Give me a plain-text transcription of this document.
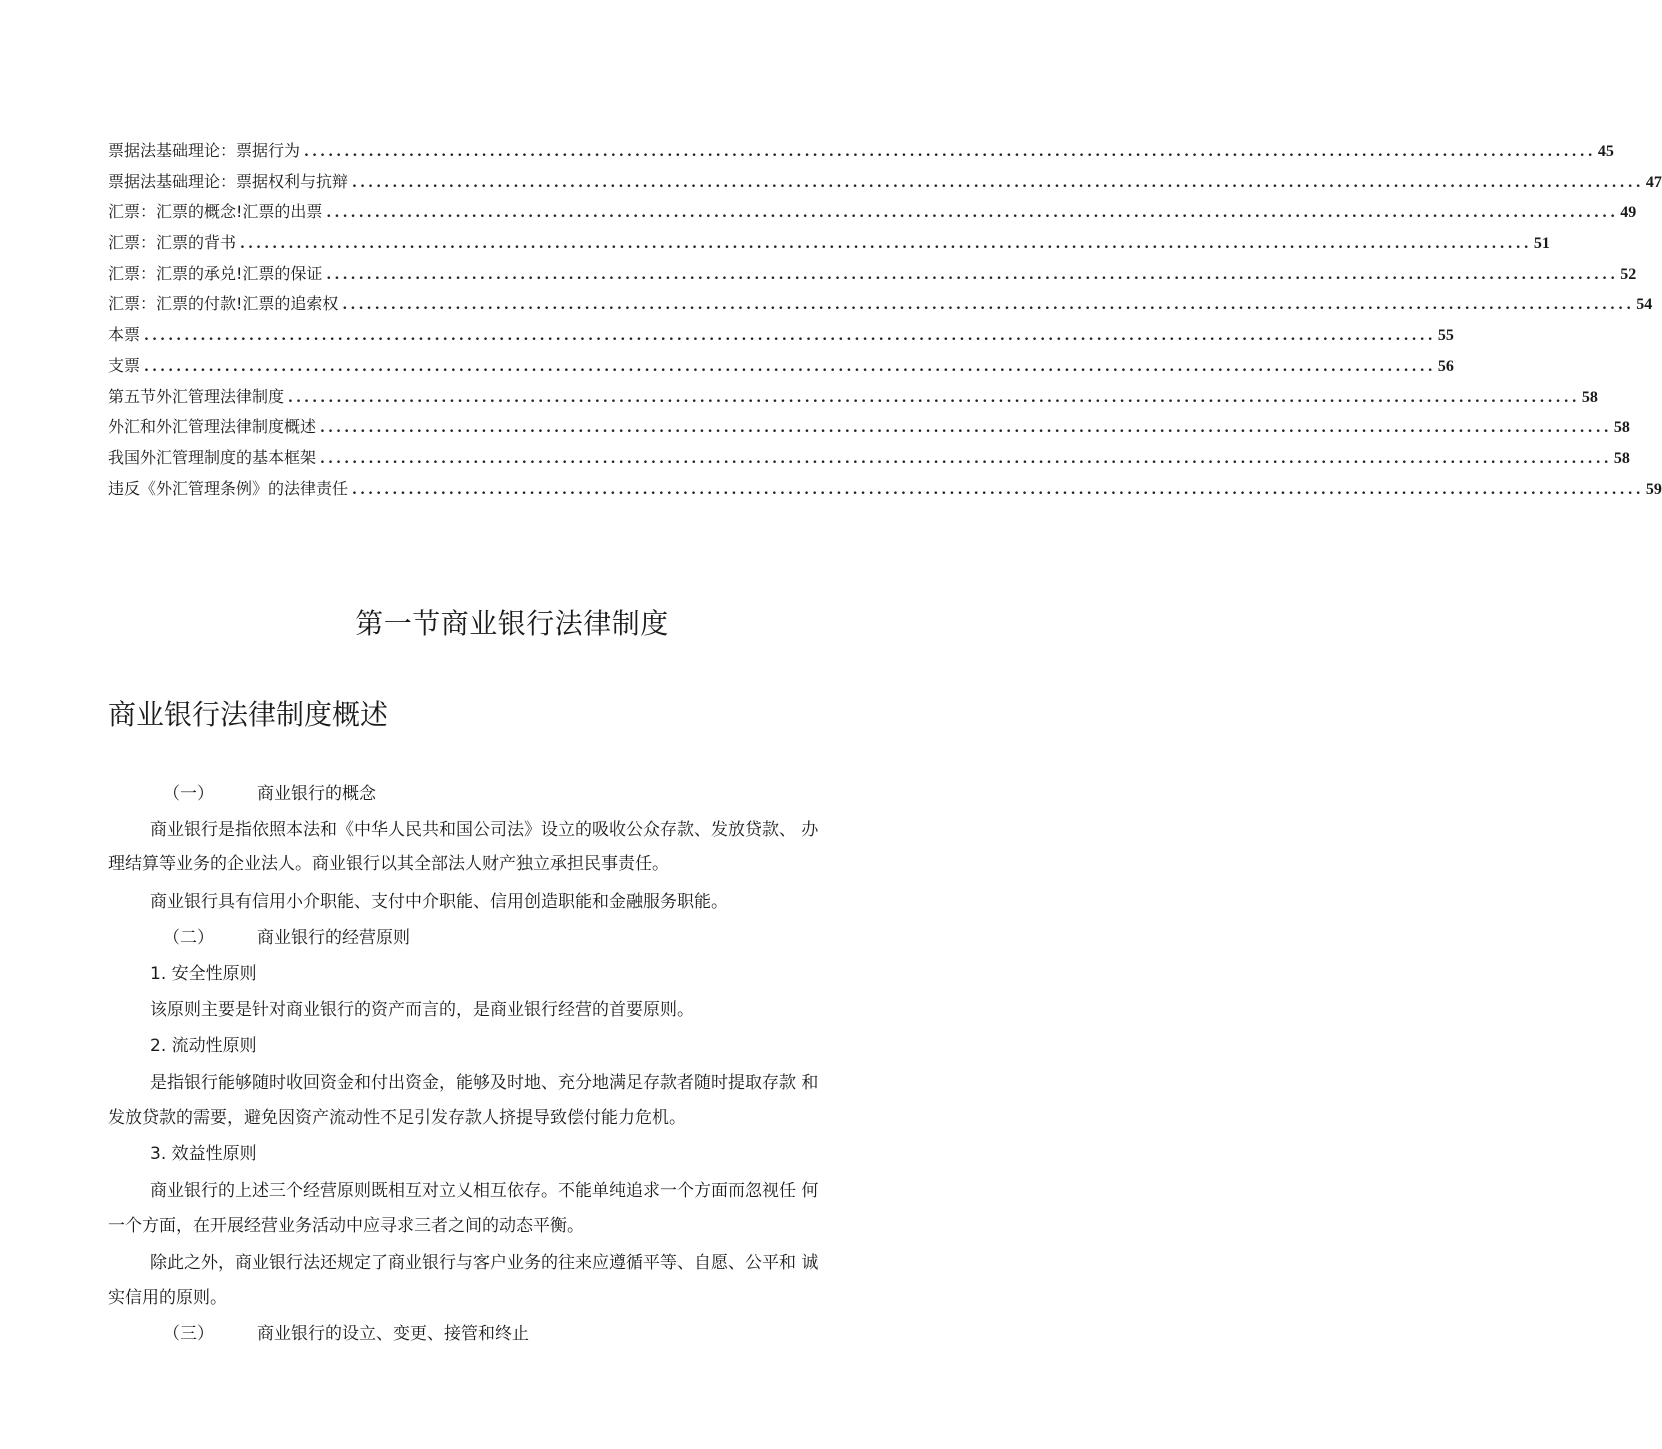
票据法基础理论：票据行为 ................................................................................................................................................................ 45
票据法基础理论：票据权利与抗辩 ................................................................................................................................................................ 47
汇票：汇票的概念!汇票的出票 ................................................................................................................................................................ 49
汇票：汇票的背书 ................................................................................................................................................................ 51
汇票：汇票的承兑!汇票的保证 ................................................................................................................................................................ 52
汇票：汇票的付款!汇票的追索权 ................................................................................................................................................................ 54
本票 ................................................................................................................................................................ 55
支票 ................................................................................................................................................................ 56
第五节外汇管理法律制度 ................................................................................................................................................................ 58
外汇和外汇管理法律制度概述 ................................................................................................................................................................ 58
我国外汇管理制度的基本框架 ................................................................................................................................................................ 58
违反《外汇管理条例》的法律责任 ................................................................................................................................................................ 59
第一节商业银行法律制度
商业银行法律制度概述
（一）	商业银行的概念
商业银行是指依照本法和《中华人民共和国公司法》设立的吸收公众存款、发放贷款、 办
理结算等业务的企业法人。商业银行以其全部法人财产独立承担民事责任。
商业银行具有信用小介职能、支付中介职能、信用创造职能和金融服务职能。
（二）	商业银行的经营原则
1. 安全性原则
该原则主要是针对商业银行的资产而言的，是商业银行经营的首要原则。
2. 流动性原则
是指银行能够随时收回资金和付出资金，能够及时地、充分地满足存款者随时提取存款 和
发放贷款的需要，避免因资产流动性不足引发存款人挤提导致偿付能力危机。
3. 效益性原则
商业银行的上述三个经营原则既相互对立乂相互依存。不能单纯追求一个方面而忽视任 何
一个方面，在开展经营业务活动中应寻求三者之间的动态平衡。
除此之外，商业银行法还规定了商业银行与客户业务的往来应遵循平等、自愿、公平和 诚
实信用的原则。
（三）	商业银行的设立、变更、接管和终止
